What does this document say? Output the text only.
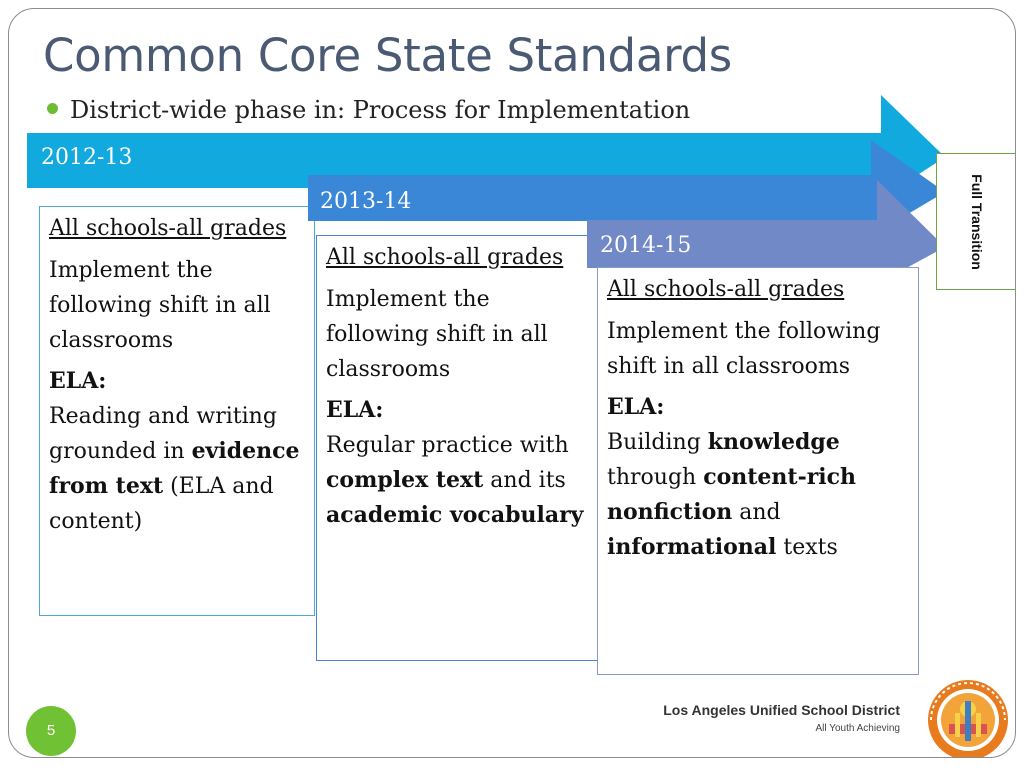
Common Core State Standards
District-wide phase in: Process for Implementation
2012-13

All schools-all grades

Implement the following shift in all classrooms

ELA:

Reading and writing grounded in evidence from text (ELA and content)

2013-14

All schools-all grades

Implement the following shift in all classrooms

ELA:

Regular practice with complex text and its academic vocabulary

2014-15

All schools-all grades

Implement the following shift in all classrooms

ELA:

Building knowledge through content-rich nonfiction and informational texts

5
Los Angeles Unified School District
All Youth Achieving
Full Transition
